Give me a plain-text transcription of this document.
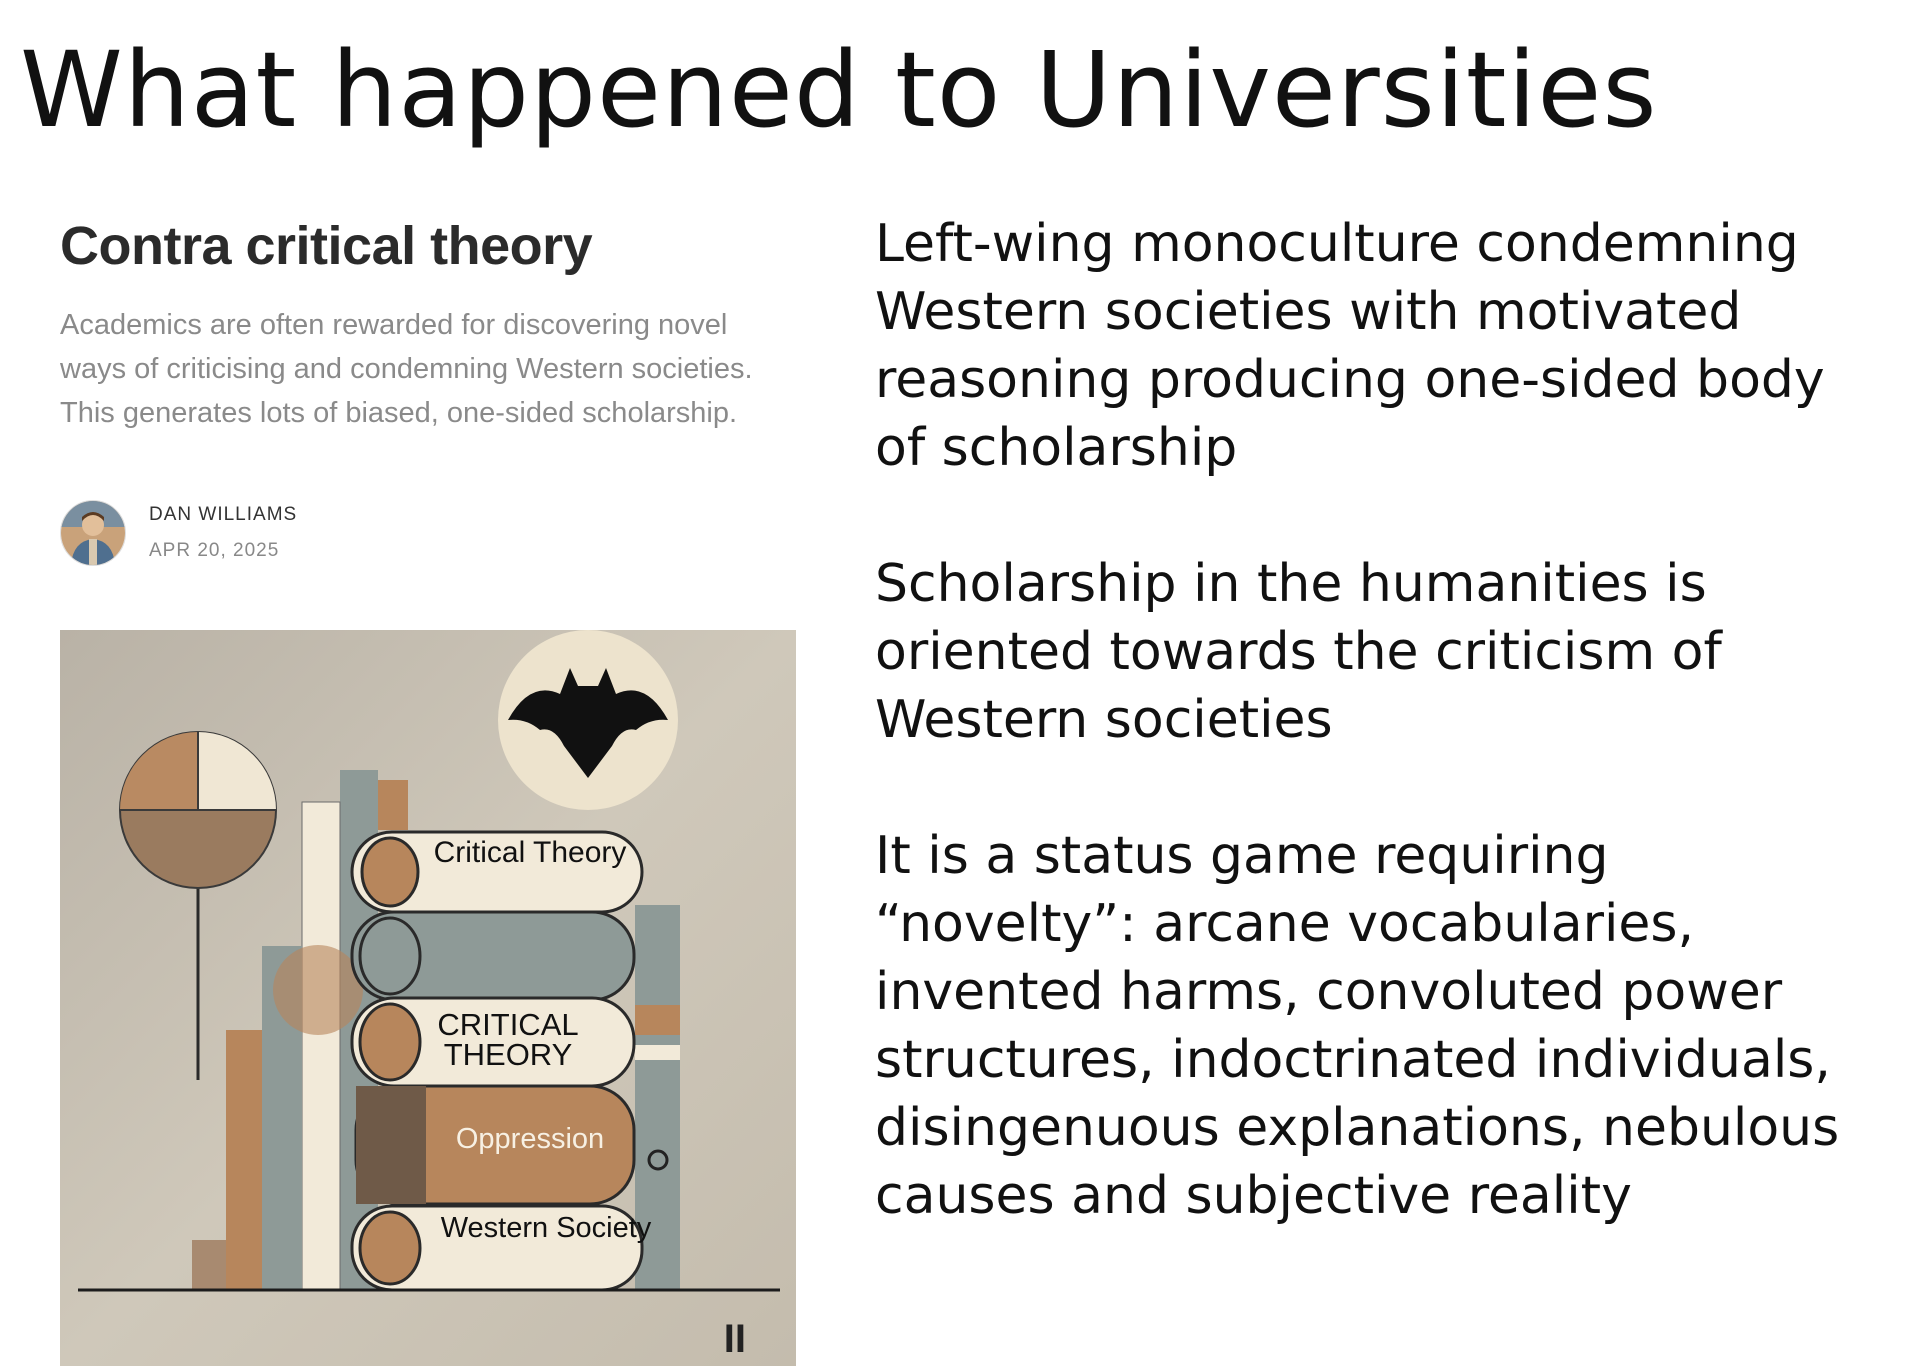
What happened to Universities
Contra critical theory

Academics are often rewarded for discovering novel ways of criticising and condemning Western societies. This generates lots of biased, one-sided scholarship.

DAN WILLIAMS
APR 20, 2025
Critical Theory
CRITICAL
THEORY
Oppression
Western Society
II

Left-wing monoculture condemning Western societies with motivated reasoning producing one-sided body of scholarship

Scholarship in the humanities is oriented towards the criticism of Western societies

It is a status game requiring “novelty”: arcane vocabularies, invented harms, convoluted power structures, indoctrinated individuals, disingenuous explanations, nebulous causes and subjective reality
